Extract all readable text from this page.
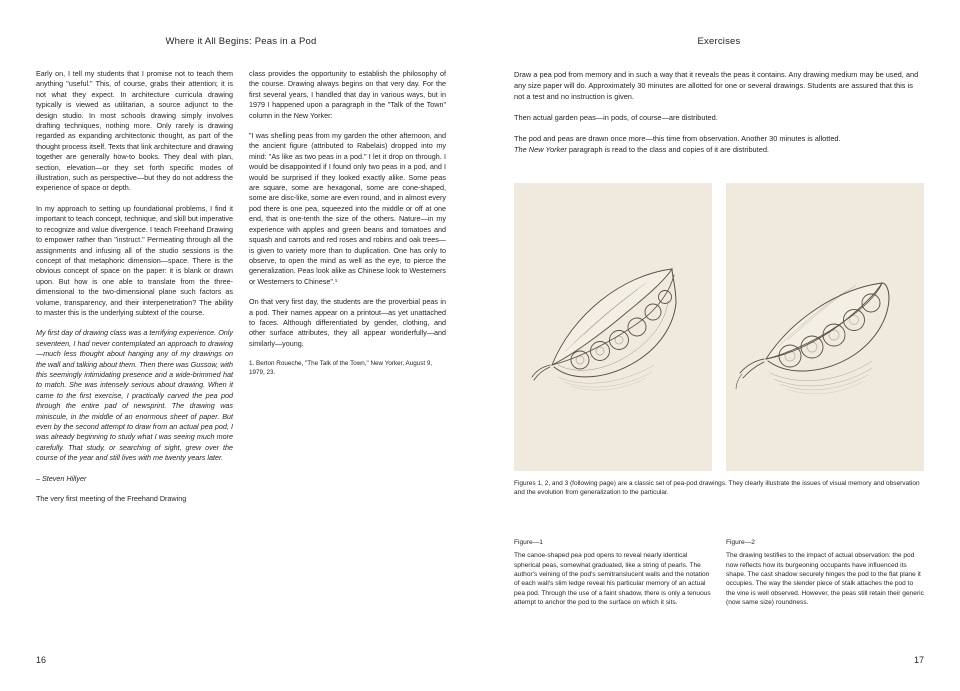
Where it All Begins: Peas in a Pod

Early on, I tell my students that I promise not to teach them anything "useful." This, of course, grabs their attention; it is not what they expect. In architecture curricula drawing typically is viewed as utilitarian, a source adjunct to the design studio. In most schools drawing simply involves drafting techniques, nothing more. Only rarely is drawing regarded as expanding architectonic thought, as part of the thought process itself. Texts that link architecture and drawing together are generally how-to books. They deal with plan, section, elevation—or they set forth specific modes of illustration, such as perspective—but they do not address the experience of space or depth.

In my approach to setting up foundational problems, I find it important to teach concept, technique, and skill but imperative to recognize and value divergence. I teach Freehand Drawing to empower rather than "instruct." Permeating through all the assignments and infusing all of the studio sessions is the concept of that metaphoric dimension—space. There is the obvious concept of space on the paper: it is blank or drawn upon. But how is one able to translate from the three-dimensional to the two-dimensional plane such factors as volume, transparency, and their interpenetration? The ability to master this is the underlying subtext of the course.

My first day of drawing class was a terrifying experience. Only seventeen, I had never contemplated an approach to drawing—much less thought about hanging any of my drawings on the wall and talking about them. Then there was Gussow, with this seemingly intimidating presence and a wide-brimmed hat to match. She was intensely serious about drawing. When it came to the first exercise, I practically carved the pea pod through the entire pad of newsprint. The drawing was miniscule, in the middle of an enormous sheet of paper. But even by the second attempt to draw from an actual pea pod, I was already beginning to study what I was seeing much more carefully. That study, or searching of sight, grew over the course of the year and still lives with me twenty years later.

– Steven Hillyer

The very first meeting of the Freehand Drawing

class provides the opportunity to establish the philosophy of the course. Drawing always begins on that very day. For the first several years, I handled that day in various ways, but in 1979 I happened upon a paragraph in the "Talk of the Town" column in the New Yorker:

"I was shelling peas from my garden the other afternoon, and the ancient figure (attributed to Rabelais) dropped into my mind: "As like as two peas in a pod." I let it drop on through. I would be disappointed if I found only two peas in a pod, and I would be surprised if they looked exactly alike. Some peas are square, some are hexagonal, some are cone-shaped, some are disc-like, some are even round, and in almost every pod there is one pea, squeezed into the middle or off at one end, that is one-tenth the size of the others. Nature—in my experience with apples and green beans and tomatoes and squash and carrots and red roses and robins and oak trees—is given to variety more than to duplication. One has only to observe, to open the mind as well as the eye, to pierce the generalization. Peas look alike as Chinese look to Westerners or Westerners to Chinese".¹

On that very first day, the students are the proverbial peas in a pod. Their names appear on a printout—as yet unattached to faces. Although differentiated by gender, clothing, and other surface attributes, they all appear wonderfully—and similarly—young.

1. Berton Roueche, "The Talk of the Town," New Yorker, August 9, 1979, 23.
16
Exercises

Draw a pea pod from memory and in such a way that it reveals the peas it contains. Any drawing medium may be used, and any size paper will do. Approximately 30 minutes are allotted for one or several drawings. Students are assured that this is not a test and no instruction is given.

Then actual garden peas—in pods, of course—are distributed.

The pod and peas are drawn once more—this time from observation. Another 30 minutes is allotted.
The New Yorker paragraph is read to the class and copies of it are distributed.

Figures 1, 2, and 3 (following page) are a classic set of pea-pod drawings. They clearly illustrate the issues of visual memory and observation and the evolution from generalization to the particular.

Figure—1

The canoe-shaped pea pod opens to reveal nearly identical spherical peas, somewhat graduated, like a string of pearls. The author's veining of the pod's semitranslucent walls and the notation of each wall's slim ledge reveal his particular memory of an actual pea pod. Through the use of a faint shadow, there is only a tenuous attempt to anchor the pod to the surface on which it sits.

Figure—2

The drawing testifies to the impact of actual observation: the pod now reflects how its burgeoning occupants have influenced its shape. The cast shadow securely hinges the pod to the flat plane it occupies. The way the slender piece of stalk attaches the pod to the vine is well observed. However, the peas still retain their generic (now same size) roundness.

17
